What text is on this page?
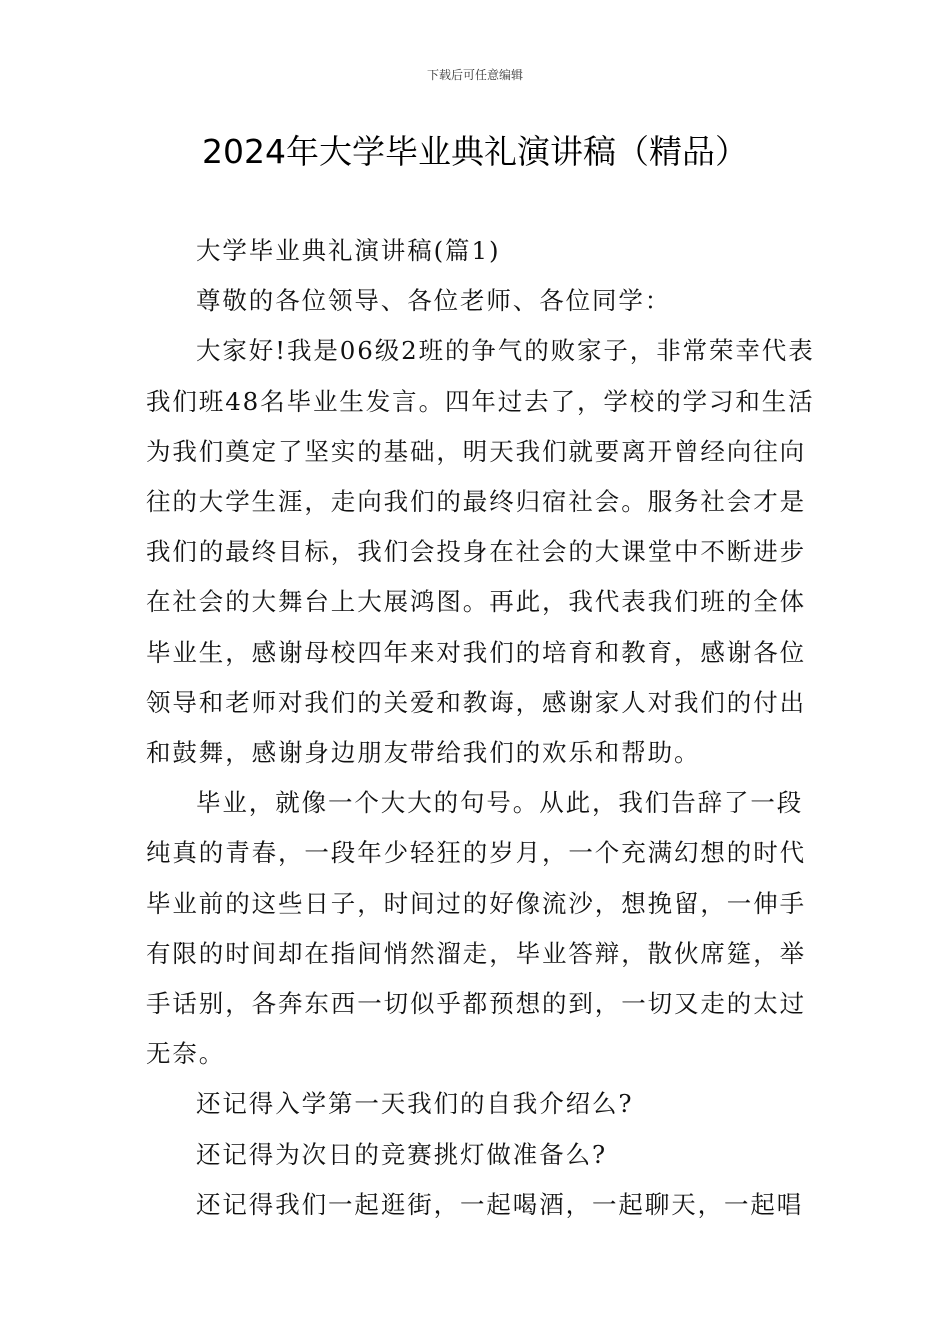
下载后可任意编辑
2024年大学毕业典礼演讲稿（精品）

大学毕业典礼演讲稿(篇1)

尊敬的各位领导、各位老师、各位同学：

大家好!我是06级2班的争气的败家子，非常荣幸代表

我们班48名毕业生发言。四年过去了，学校的学习和生活

为我们奠定了坚实的基础，明天我们就要离开曾经向往向

往的大学生涯，走向我们的最终归宿社会。服务社会才是

我们的最终目标，我们会投身在社会的大课堂中不断进步

在社会的大舞台上大展鸿图。再此，我代表我们班的全体

毕业生，感谢母校四年来对我们的培育和教育，感谢各位

领导和老师对我们的关爱和教诲，感谢家人对我们的付出

和鼓舞，感谢身边朋友带给我们的欢乐和帮助。

毕业，就像一个大大的句号。从此，我们告辞了一段

纯真的青春，一段年少轻狂的岁月，一个充满幻想的时代

毕业前的这些日子，时间过的好像流沙，想挽留，一伸手

有限的时间却在指间悄然溜走，毕业答辩，散伙席筵，举

手话别，各奔东西一切似乎都预想的到，一切又走的太过

无奈。

还记得入学第一天我们的自我介绍么?

还记得为次日的竞赛挑灯做准备么?

还记得我们一起逛街，一起喝酒，一起聊天，一起唱
